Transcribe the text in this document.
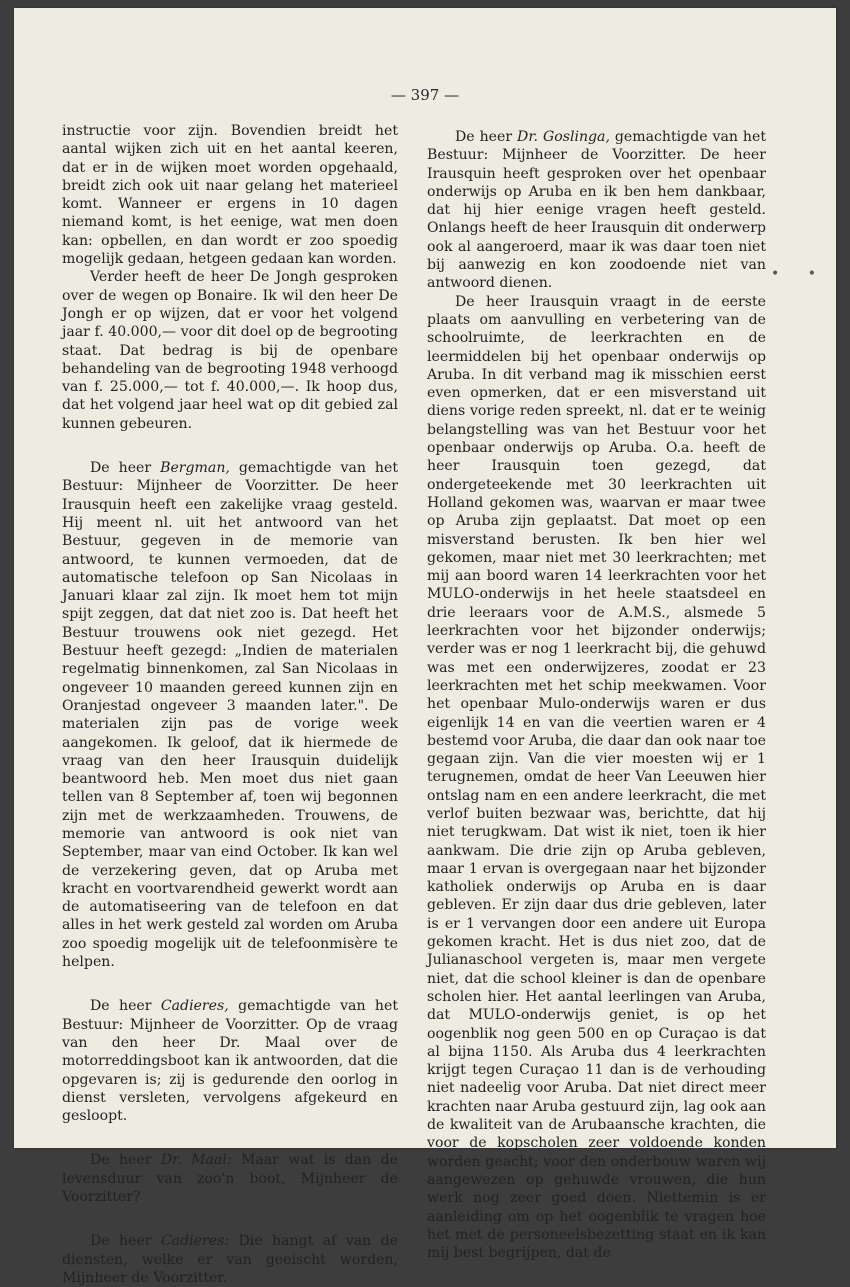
— 397 —

instructie voor zijn. Bovendien breidt het aantal wijken zich uit en het aantal keeren, dat er in de wijken moet worden opgehaald, breidt zich ook uit naar gelang het materieel komt. Wanneer er ergens in 10 dagen niemand komt, is het eenige, wat men doen kan: opbellen, en dan wordt er zoo spoedig mogelijk gedaan, hetgeen gedaan kan worden.

Verder heeft de heer De Jongh gesproken over de wegen op Bonaire. Ik wil den heer De Jongh er op wijzen, dat er voor het volgend jaar f. 40.000,— voor dit doel op de begrooting staat. Dat bedrag is bij de openbare behandeling van de begrooting 1948 verhoogd van f. 25.000,— tot f. 40.000,—. Ik hoop dus, dat het volgend jaar heel wat op dit gebied zal kunnen gebeuren.

De heer Bergman, gemachtigde van het Bestuur: Mijnheer de Voorzitter. De heer Irausquin heeft een zakelijke vraag gesteld. Hij meent nl. uit het antwoord van het Bestuur, gegeven in de memorie van antwoord, te kunnen vermoeden, dat de automatische telefoon op San Nicolaas in Januari klaar zal zijn. Ik moet hem tot mijn spijt zeggen, dat dat niet zoo is. Dat heeft het Bestuur trouwens ook niet gezegd. Het Bestuur heeft gezegd: „Indien de materialen regelmatig binnenkomen, zal San Nicolaas in ongeveer 10 maanden gereed kunnen zijn en Oranjestad ongeveer 3 maanden later.". De materialen zijn pas de vorige week aangekomen. Ik geloof, dat ik hiermede de vraag van den heer Irausquin duidelijk beantwoord heb. Men moet dus niet gaan tellen van 8 September af, toen wij begonnen zijn met de werkzaamheden. Trouwens, de memorie van antwoord is ook niet van September, maar van eind October. Ik kan wel de verzekering geven, dat op Aruba met kracht en voortvarendheid gewerkt wordt aan de automatiseering van de telefoon en dat alles in het werk gesteld zal worden om Aruba zoo spoedig mogelijk uit de telefoonmisère te helpen.

De heer Cadieres, gemachtigde van het Bestuur: Mijnheer de Voorzitter. Op de vraag van den heer Dr. Maal over de motorreddingsboot kan ik antwoorden, dat die opgevaren is; zij is gedurende den oorlog in dienst versleten, vervolgens afgekeurd en gesloopt.

De heer Dr. Maal: Maar wat is dan de levensduur van zoo'n boot, Mijnheer de Voorzitter?

De heer Cadieres: Die hangt af van de diensten, welke er van geeischt worden, Mijnheer de Voorzitter.

De heer Dr. Goslinga, gemachtigde van het Bestuur: Mijnheer de Voorzitter. De heer Irausquin heeft gesproken over het openbaar onderwijs op Aruba en ik ben hem dankbaar, dat hij hier eenige vragen heeft gesteld. Onlangs heeft de heer Irausquin dit onderwerp ook al aangeroerd, maar ik was daar toen niet bij aanwezig en kon zoodoende niet van antwoord dienen.

De heer Irausquin vraagt in de eerste plaats om aanvulling en verbetering van de schoolruimte, de leerkrachten en de leermiddelen bij het openbaar onderwijs op Aruba. In dit verband mag ik misschien eerst even opmerken, dat er een misverstand uit diens vorige reden spreekt, nl. dat er te weinig belangstelling was van het Bestuur voor het openbaar onderwijs op Aruba. O.a. heeft de heer Irausquin toen gezegd, dat ondergeteekende met 30 leerkrachten uit Holland gekomen was, waarvan er maar twee op Aruba zijn geplaatst. Dat moet op een misverstand berusten. Ik ben hier wel gekomen, maar niet met 30 leerkrachten; met mij aan boord waren 14 leerkrachten voor het MULO-onderwijs in het heele staatsdeel en drie leeraars voor de A.M.S., alsmede 5 leerkrachten voor het bijzonder onderwijs; verder was er nog 1 leerkracht bij, die gehuwd was met een onderwijzeres, zoodat er 23 leerkrachten met het schip meekwamen. Voor het openbaar Mulo-onderwijs waren er dus eigenlijk 14 en van die veertien waren er 4 bestemd voor Aruba, die daar dan ook naar toe gegaan zijn. Van die vier moesten wij er 1 terugnemen, omdat de heer Van Leeuwen hier ontslag nam en een andere leerkracht, die met verlof buiten bezwaar was, berichtte, dat hij niet terugkwam. Dat wist ik niet, toen ik hier aankwam. Die drie zijn op Aruba gebleven, maar 1 ervan is overgegaan naar het bijzonder katholiek onderwijs op Aruba en is daar gebleven. Er zijn daar dus drie gebleven, later is er 1 vervangen door een andere uit Europa gekomen kracht. Het is dus niet zoo, dat de Julianaschool vergeten is, maar men vergete niet, dat die school kleiner is dan de openbare scholen hier. Het aantal leerlingen van Aruba, dat MULO-onderwijs geniet, is op het oogenblik nog geen 500 en op Curaçao is dat al bijna 1150. Als Aruba dus 4 leerkrachten krijgt tegen Curaçao 11 dan is de verhouding niet nadeelig voor Aruba. Dat niet direct meer krachten naar Aruba gestuurd zijn, lag ook aan de kwaliteit van de Arubaansche krachten, die voor de kopscholen zeer voldoende konden worden geacht; voor den onderbouw waren wij aangewezen op gehuwde vrouwen, die hun werk nog zeer goed doen. Niettemin is er aanleiding om op het oogenblik te vragen hoe het met de personeelsbezetting staat en ik kan mij best begrijpen, dat de

• •
